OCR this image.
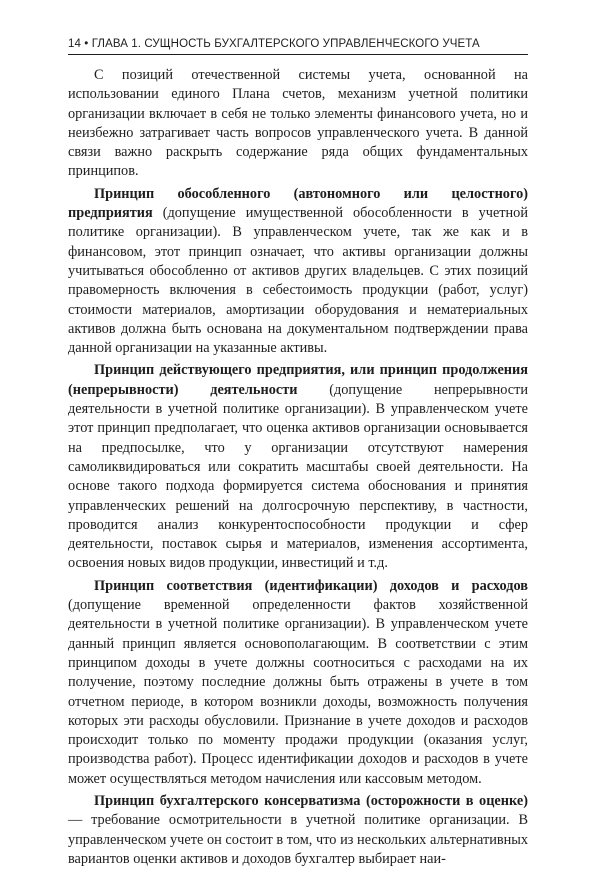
14 • ГЛАВА 1. СУЩНОСТЬ БУХГАЛТЕРСКОГО УПРАВЛЕНЧЕСКОГО УЧЕТА

С позиций отечественной системы учета, основанной на использовании единого Плана счетов, механизм учетной политики организации включает в себя не только элементы финансового учета, но и неизбежно затрагивает часть вопросов управленческого учета. В данной связи важно раскрыть содержание ряда общих фундаментальных принципов.

Принцип обособленного (автономного или целостного) предприятия (допущение имущественной обособленности в учетной политике организации). В управленческом учете, так же как и в финансовом, этот принцип означает, что активы организации должны учитываться обособленно от активов других владельцев. С этих позиций правомерность включения в себестоимость продукции (работ, услуг) стоимости материалов, амортизации оборудования и нематериальных активов должна быть основана на документальном подтверждении права данной организации на указанные активы.

Принцип действующего предприятия, или принцип продолжения (непрерывности) деятельности (допущение непрерывности деятельности в учетной политике организации). В управленческом учете этот принцип предполагает, что оценка активов организации основывается на предпосылке, что у организации отсутствуют намерения самоликвидироваться или сократить масштабы своей деятельности. На основе такого подхода формируется система обоснования и принятия управленческих решений на долгосрочную перспективу, в частности, проводится анализ конкурентоспособности продукции и сфер деятельности, поставок сырья и материалов, изменения ассортимента, освоения новых видов продукции, инвестиций и т.д.

Принцип соответствия (идентификации) доходов и расходов (допущение временной определенности фактов хозяйственной деятельности в учетной политике организации). В управленческом учете данный принцип является основополагающим. В соответствии с этим принципом доходы в учете должны соотноситься с расходами на их получение, поэтому последние должны быть отражены в учете в том отчетном периоде, в котором возникли доходы, возможность получения которых эти расходы обусловили. Признание в учете доходов и расходов происходит только по моменту продажи продукции (оказания услуг, производства работ). Процесс идентификации доходов и расходов в учете может осуществляться методом начисления или кассовым методом.

Принцип бухгалтерского консерватизма (осторожности в оценке) — требование осмотрительности в учетной политике организации. В управленческом учете он состоит в том, что из нескольких альтернативных вариантов оценки активов и доходов бухгалтер выбирает наи-
